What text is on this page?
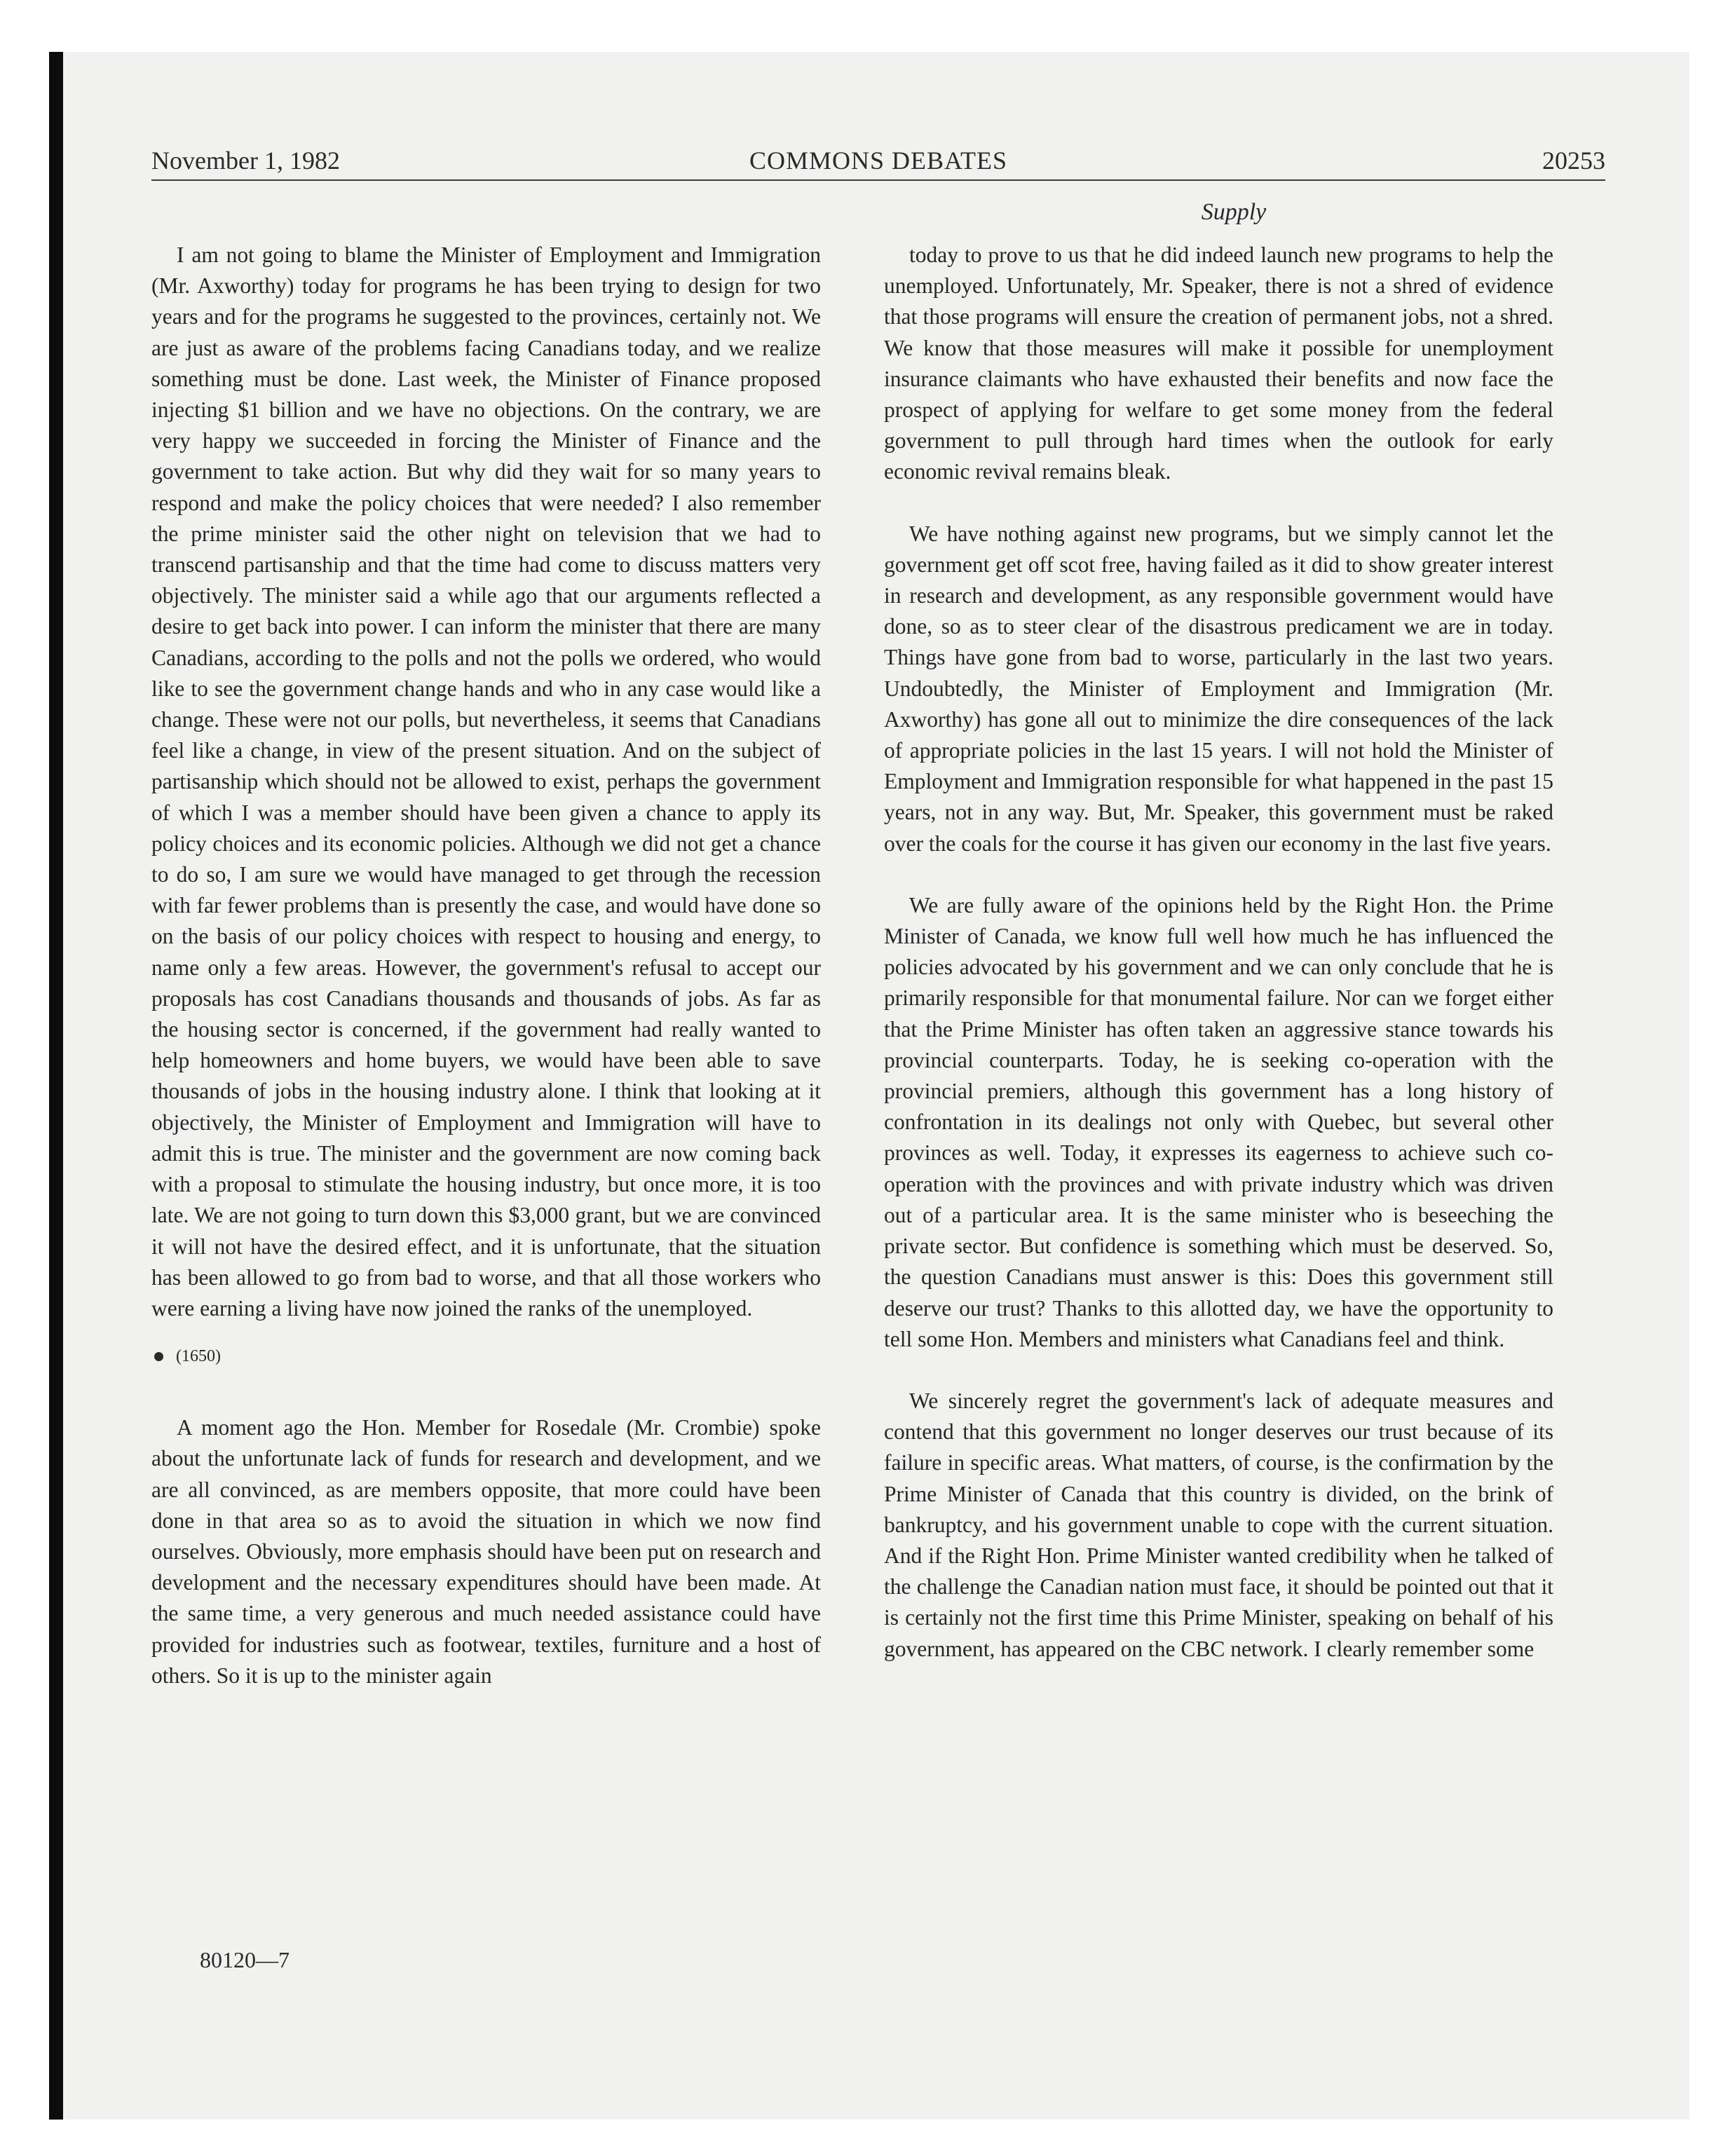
COMMONS DEBATES
November 1, 1982	20253
Supply

I am not going to blame the Minister of Employment and Immigration (Mr. Axworthy) today for programs he has been trying to design for two years and for the programs he suggested to the provinces, certainly not. We are just as aware of the problems facing Canadians today, and we realize something must be done. Last week, the Minister of Finance proposed injecting $1 billion and we have no objections. On the contrary, we are very happy we succeeded in forcing the Minister of Finance and the government to take action. But why did they wait for so many years to respond and make the policy choices that were needed? I also remember the prime minister said the other night on television that we had to transcend partisanship and that the time had come to discuss matters very objectively. The minister said a while ago that our arguments reflected a desire to get back into power. I can inform the minister that there are many Canadians, according to the polls and not the polls we ordered, who would like to see the government change hands and who in any case would like a change. These were not our polls, but nevertheless, it seems that Canadians feel like a change, in view of the present situation. And on the subject of partisanship which should not be allowed to exist, perhaps the government of which I was a member should have been given a chance to apply its policy choices and its economic policies. Although we did not get a chance to do so, I am sure we would have managed to get through the recession with far fewer problems than is presently the case, and would have done so on the basis of our policy choices with respect to housing and energy, to name only a few areas. However, the government's refusal to accept our proposals has cost Canadians thousands and thousands of jobs. As far as the housing sector is concerned, if the government had really wanted to help homeowners and home buyers, we would have been able to save thousands of jobs in the housing industry alone. I think that looking at it objectively, the Minister of Employment and Immigration will have to admit this is true. The minister and the government are now coming back with a proposal to stimulate the housing industry, but once more, it is too late. We are not going to turn down this $3,000 grant, but we are convinced it will not have the desired effect, and it is unfortunate, that the situation has been allowed to go from bad to worse, and that all those workers who were earning a living have now joined the ranks of the unemployed.

(1650)

A moment ago the Hon. Member for Rosedale (Mr. Crombie) spoke about the unfortunate lack of funds for research and development, and we are all convinced, as are members opposite, that more could have been done in that area so as to avoid the situation in which we now find ourselves. Obviously, more emphasis should have been put on research and development and the necessary expenditures should have been made. At the same time, a very generous and much needed assistance could have provided for industries such as footwear, textiles, furniture and a host of others. So it is up to the minister again

today to prove to us that he did indeed launch new programs to help the unemployed. Unfortunately, Mr. Speaker, there is not a shred of evidence that those programs will ensure the creation of permanent jobs, not a shred. We know that those measures will make it possible for unemployment insurance claimants who have exhausted their benefits and now face the prospect of applying for welfare to get some money from the federal government to pull through hard times when the outlook for early economic revival remains bleak.

We have nothing against new programs, but we simply cannot let the government get off scot free, having failed as it did to show greater interest in research and development, as any responsible government would have done, so as to steer clear of the disastrous predicament we are in today. Things have gone from bad to worse, particularly in the last two years. Undoubtedly, the Minister of Employment and Immigration (Mr. Axworthy) has gone all out to minimize the dire consequences of the lack of appropriate policies in the last 15 years. I will not hold the Minister of Employment and Immigration responsible for what happened in the past 15 years, not in any way. But, Mr. Speaker, this government must be raked over the coals for the course it has given our economy in the last five years.

We are fully aware of the opinions held by the Right Hon. the Prime Minister of Canada, we know full well how much he has influenced the policies advocated by his government and we can only conclude that he is primarily responsible for that monumental failure. Nor can we forget either that the Prime Minister has often taken an aggressive stance towards his provincial counterparts. Today, he is seeking co-operation with the provincial premiers, although this government has a long history of confrontation in its dealings not only with Quebec, but several other provinces as well. Today, it expresses its eagerness to achieve such co-operation with the provinces and with private industry which was driven out of a particular area. It is the same minister who is beseeching the private sector. But confidence is something which must be deserved. So, the question Canadians must answer is this: Does this government still deserve our trust? Thanks to this allotted day, we have the opportunity to tell some Hon. Members and ministers what Canadians feel and think.

We sincerely regret the government's lack of adequate measures and contend that this government no longer deserves our trust because of its failure in specific areas. What matters, of course, is the confirmation by the Prime Minister of Canada that this country is divided, on the brink of bankruptcy, and his government unable to cope with the current situation. And if the Right Hon. Prime Minister wanted credibility when he talked of the challenge the Canadian nation must face, it should be pointed out that it is certainly not the first time this Prime Minister, speaking on behalf of his government, has appeared on the CBC network. I clearly remember some

80120—7
